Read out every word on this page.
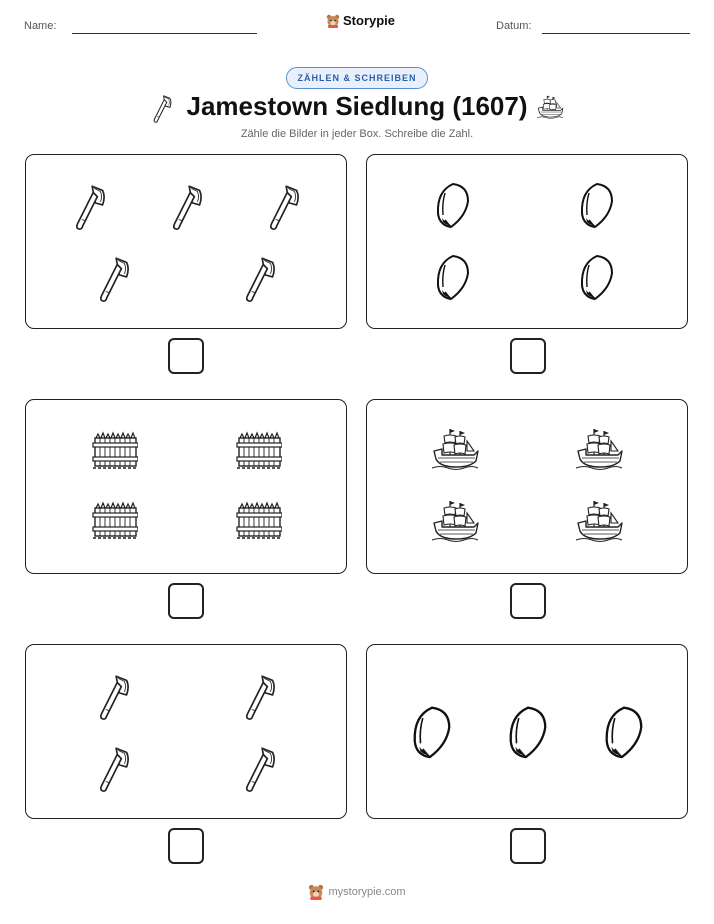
Name:	Storypie	Datum:
ZÄHLEN & SCHREIBEN
Jamestown Siedlung (1607)
Zähle die Bilder in jeder Box. Schreibe die Zahl.
mystorypie.com
